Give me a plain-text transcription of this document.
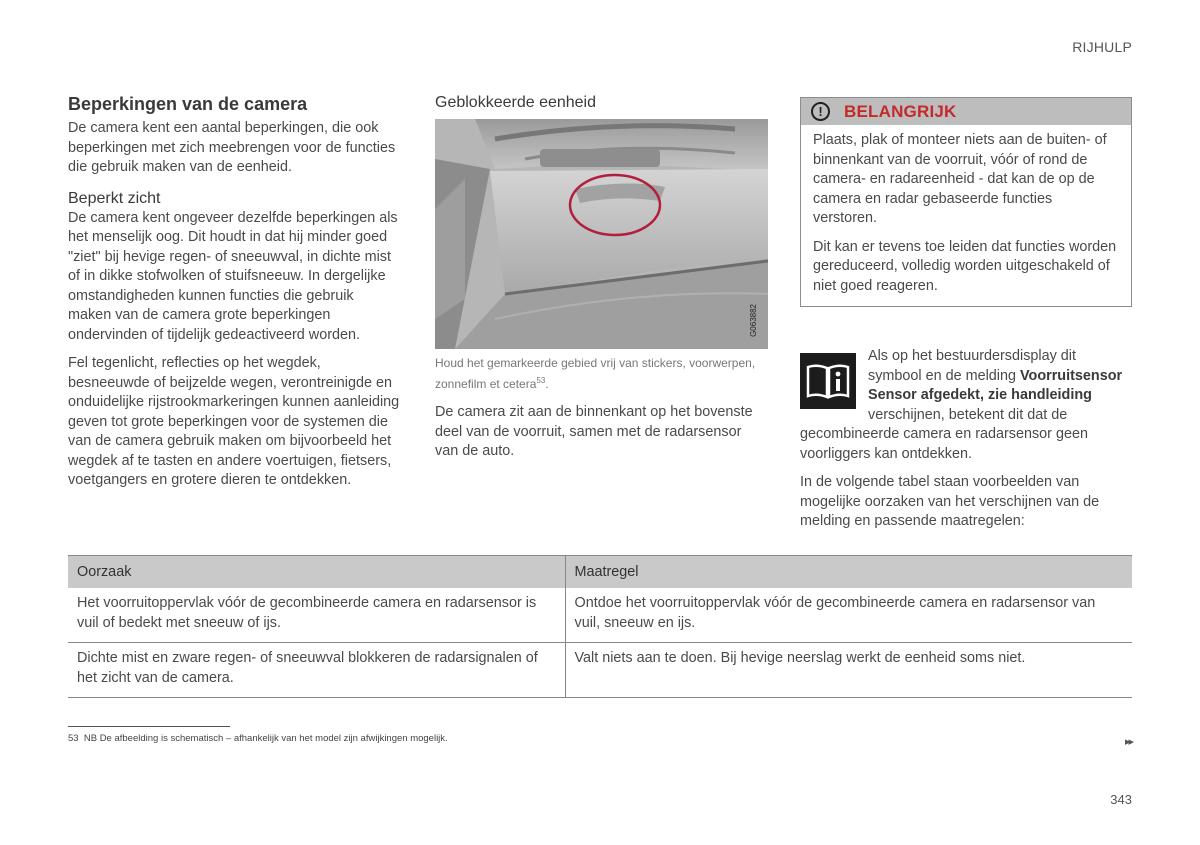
RIJHULP
Beperkingen van de camera

De camera kent een aantal beperkingen, die ook beperkingen met zich meebrengen voor de functies die gebruik maken van de eenheid.

Beperkt zicht

De camera kent ongeveer dezelfde beperkingen als het menselijk oog. Dit houdt in dat hij minder goed "ziet" bij hevige regen- of sneeuwval, in dichte mist of in dikke stofwolken of stuifsneeuw. In dergelijke omstandigheden kunnen functies die gebruik maken van de camera grote beperkingen ondervinden of tijdelijk gedeactiveerd worden.

Fel tegenlicht, reflecties op het wegdek, besneeuwde of beijzelde wegen, verontreinigde en onduidelijke rijstrookmarkeringen kunnen aanleiding geven tot grote beperkingen voor de systemen die van de camera gebruik maken om bijvoorbeeld het wegdek af te tasten en andere voertuigen, fietsers, voetgangers en grotere dieren te ontdekken.

Geblokkeerde eenheid
G063882
Houd het gemarkeerde gebied vrij van stickers, voorwerpen, zonnefilm et cetera$^{53}$.

De camera zit aan de binnenkant op het bovenste deel van de voorruit, samen met de radarsensor van de auto.

!	BELANGRIJK

Plaats, plak of monteer niets aan de buiten- of binnenkant van de voorruit, vóór of rond de camera- en radareenheid - dat kan de op de camera en radar gebaseerde functies verstoren.

Dit kan er tevens toe leiden dat functies worden gereduceerd, volledig worden uitgeschakeld of niet goed reageren.

Als op het bestuurdersdisplay dit symbool en de melding Voorruitsensor Sensor afgedekt, zie handleiding verschijnen, betekent dit dat de gecombineerde camera en radarsensor geen voorliggers kan ontdekken.

In de volgende tabel staan voorbeelden van mogelijke oorzaken van het verschijnen van de melding en passende maatregelen:

Oorzaak	Maatregel
Het voorruitoppervlak vóór de gecombineerde camera en radarsensor is vuil of bedekt met sneeuw of ijs.	Ontdoe het voorruitoppervlak vóór de gecombineerde camera en radarsensor van vuil, sneeuw en ijs.
Dichte mist en zware regen- of sneeuwval blokkeren de radarsignalen of het zicht van de camera.	Valt niets aan te doen. Bij hevige neerslag werkt de eenheid soms niet.
53 NB De afbeelding is schematisch – afhankelijk van het model zijn afwijkingen mogelijk.	▸▸
343
